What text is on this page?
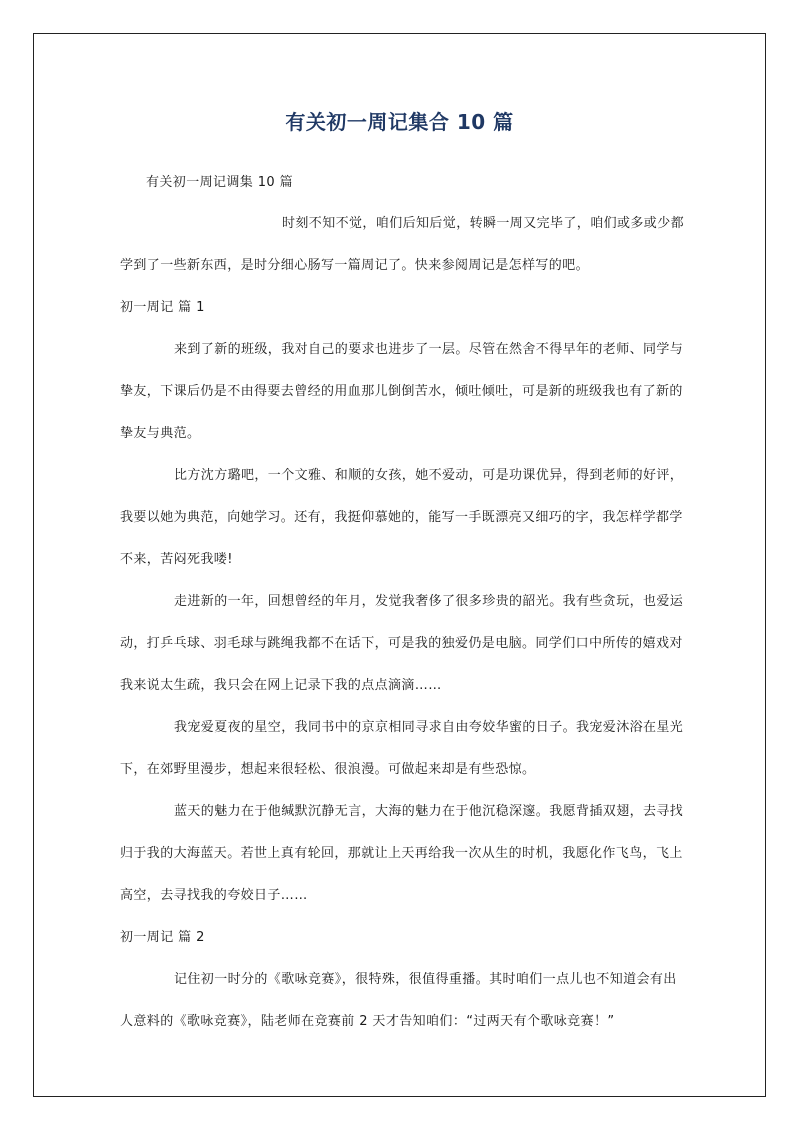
有关初一周记集合 10 篇
有关初一周记调集 10 篇
时刻不知不觉，咱们后知后觉，转瞬一周又完毕了，咱们或多或少都
学到了一些新东西，是时分细心肠写一篇周记了。快来参阅周记是怎样写的吧。
初一周记 篇 1
来到了新的班级，我对自己的要求也进步了一层。尽管在然舍不得早年的老师、同学与
挚友，下课后仍是不由得要去曾经的用血那儿倒倒苦水，倾吐倾吐，可是新的班级我也有了新的
挚友与典范。
比方沈方璐吧，一个文雅、和顺的女孩，她不爱动，可是功课优异，得到老师的好评，
我要以她为典范，向她学习。还有，我挺仰慕她的，能写一手既漂亮又细巧的字，我怎样学都学
不来，苦闷死我喽!
走进新的一年，回想曾经的年月，发觉我奢侈了很多珍贵的韶光。我有些贪玩，也爱运
动，打乒乓球、羽毛球与跳绳我都不在话下，可是我的独爱仍是电脑。同学们口中所传的嬉戏对
我来说太生疏，我只会在网上记录下我的点点滴滴……
我宠爱夏夜的星空，我同书中的京京相同寻求自由夸姣华蜜的日子。我宠爱沐浴在星光
下，在郊野里漫步，想起来很轻松、很浪漫。可做起来却是有些恐惊。
蓝天的魅力在于他缄默沉静无言，大海的魅力在于他沉稳深邃。我愿背插双翅，去寻找
归于我的大海蓝天。若世上真有轮回，那就让上天再给我一次从生的时机，我愿化作飞鸟，飞上
高空，去寻找我的夸姣日子……
初一周记 篇 2
记住初一时分的《歌咏竞赛》，很特殊，很值得重播。其时咱们一点儿也不知道会有出
人意料的《歌咏竞赛》，陆老师在竞赛前 2 天才告知咱们：“过两天有个歌咏竞赛！”
